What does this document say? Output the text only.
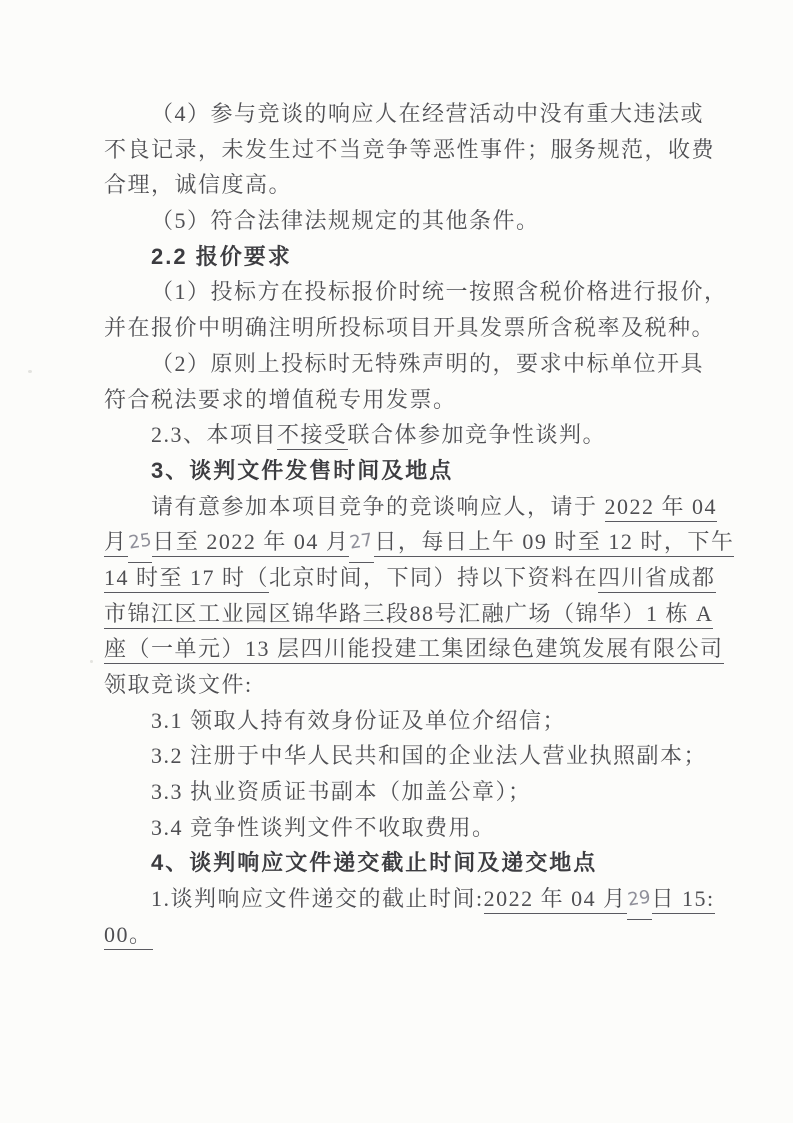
（4）参与竞谈的响应人在经营活动中没有重大违法或
不良记录，未发生过不当竞争等恶性事件；服务规范，收费
合理，诚信度高。
（5）符合法律法规规定的其他条件。
2.2 报价要求
（1）投标方在投标报价时统一按照含税价格进行报价，
并在报价中明确注明所投标项目开具发票所含税率及税种。
（2）原则上投标时无特殊声明的，要求中标单位开具
符合税法要求的增值税专用发票。
2.3、本项目不接受联合体参加竞争性谈判。
3、谈判文件发售时间及地点
请有意参加本项目竞争的竞谈响应人，请于 2022 年 04
月25日至 2022 年 04 月27日，每日上午 09 时至 12 时，下午
14 时至 17 时（北京时间，下同）持以下资料在四川省成都
市锦江区工业园区锦华路三段88号汇融广场（锦华）1 栋 A
座（一单元）13 层四川能投建工集团绿色建筑发展有限公司
领取竞谈文件:
3.1 领取人持有效身份证及单位介绍信；
3.2 注册于中华人民共和国的企业法人营业执照副本；
3.3 执业资质证书副本（加盖公章）；
3.4 竞争性谈判文件不收取费用。
4、谈判响应文件递交截止时间及递交地点
1.谈判响应文件递交的截止时间:2022 年 04 月29日 15:
00。
